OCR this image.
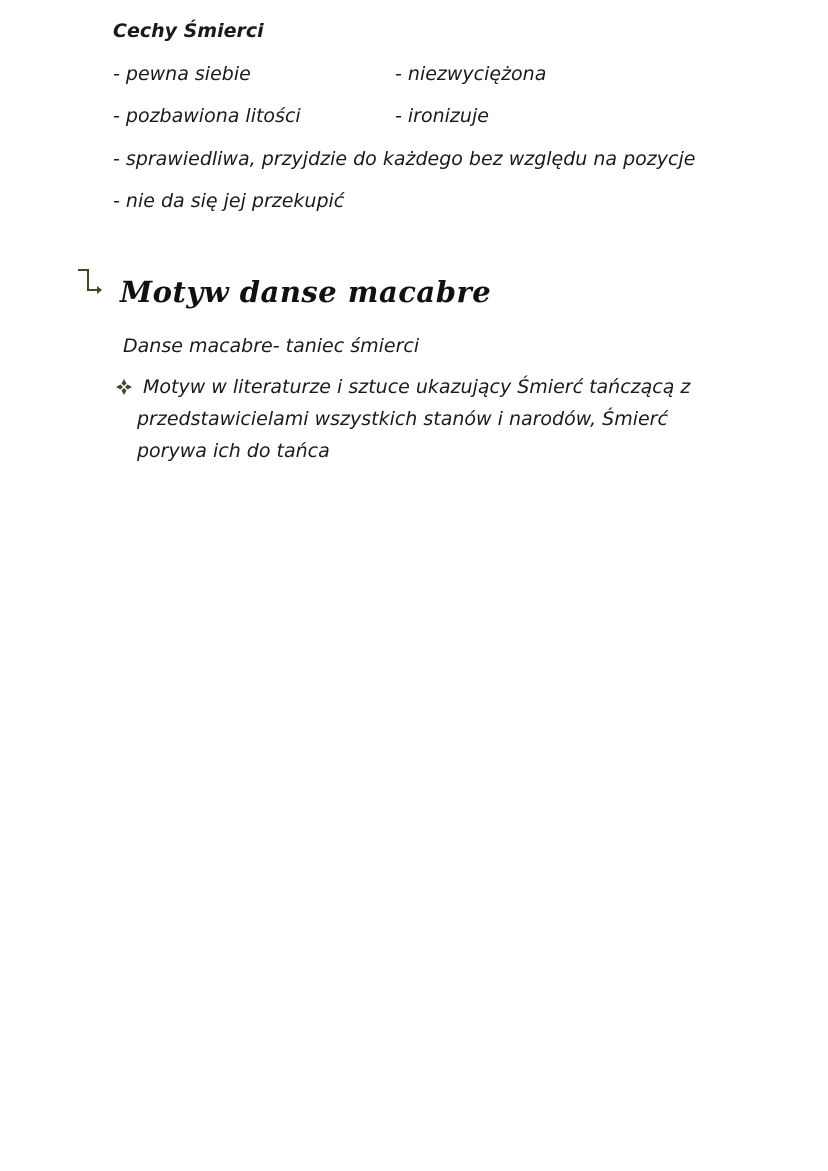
Cechy Śmierci
- pewna siebie	- niezwyciężona
- pozbawiona litości	- ironizuje
- sprawiedliwa, przyjdzie do każdego bez względu na pozycje
- nie da się jej przekupić
Motyw danse macabre
Danse macabre- taniec śmierci
Motyw w literaturze i sztuce ukazujący Śmierć tańczącą z
przedstawicielami wszystkich stanów i narodów, Śmierć
porywa ich do tańca
